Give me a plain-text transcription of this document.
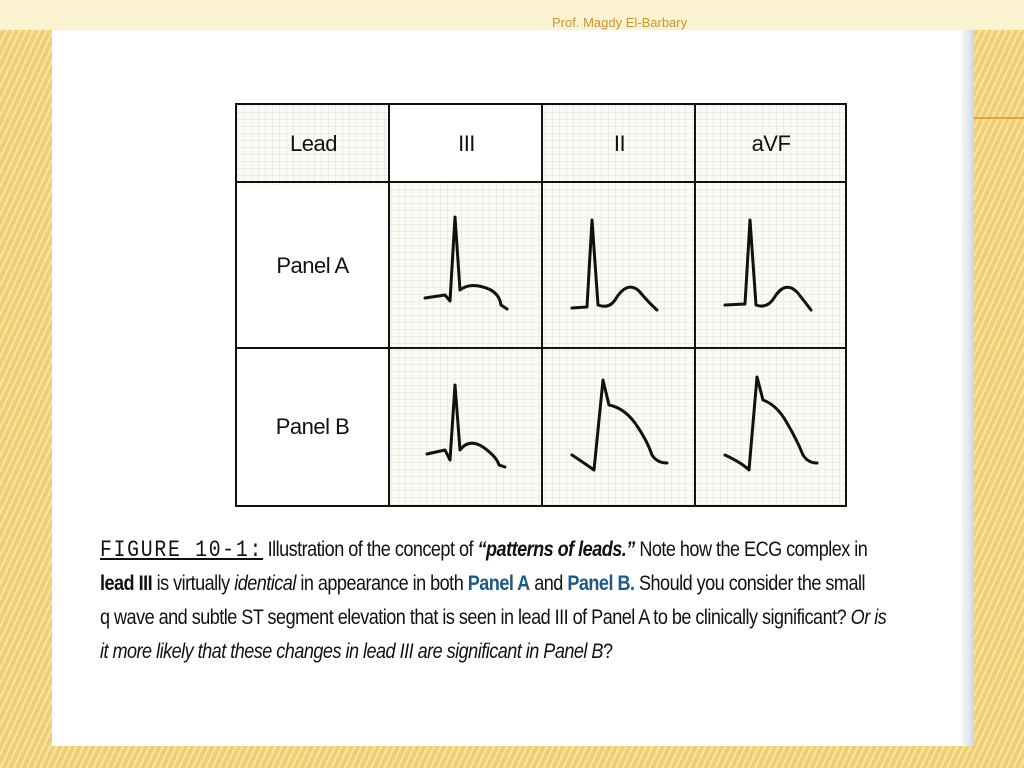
Prof. Magdy El-Barbary
Lead	III	II	aVF
Panel A
Panel B
FIGURE 10-1: Illustration of the concept of “patterns of leads.” Note how the ECG complex in
lead III is virtually identical in appearance in both Panel A and Panel B. Should you consider the small
q wave and subtle ST segment elevation that is seen in lead III of Panel A to be clinically significant? Or is
it more likely that these changes in lead III are significant in Panel B?
